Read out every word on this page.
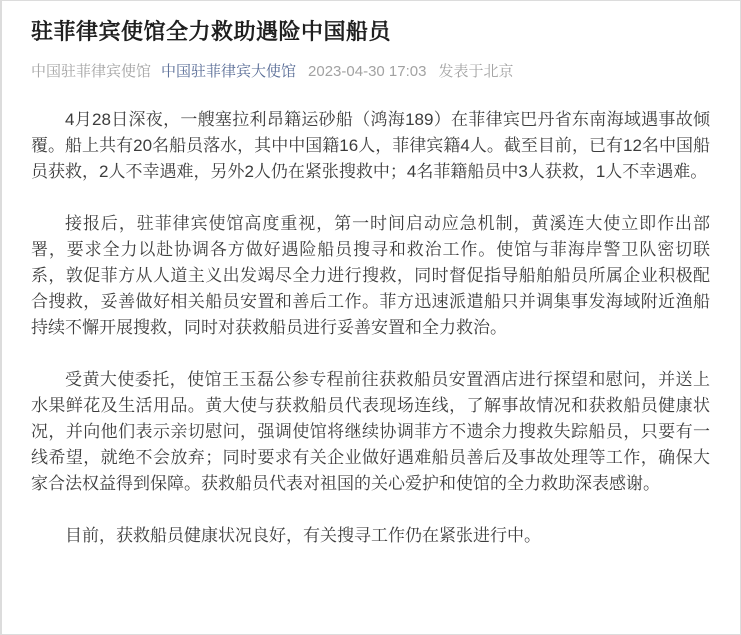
驻菲律宾使馆全力救助遇险中国船员
中国驻菲律宾使馆 中国驻菲律宾大使馆 2023-04-30 17:03 发表于北京

4月28日深夜，一艘塞拉利昂籍运砂船（鸿海189）在菲律宾巴丹省东南海域遇事故倾覆。船上共有20名船员落水，其中中国籍16人，菲律宾籍4人。截至目前，已有12名中国船员获救，2人不幸遇难，另外2人仍在紧张搜救中；4名菲籍船员中3人获救，1人不幸遇难。

接报后，驻菲律宾使馆高度重视，第一时间启动应急机制，黄溪连大使立即作出部署，要求全力以赴协调各方做好遇险船员搜寻和救治工作。使馆与菲海岸警卫队密切联系，敦促菲方从人道主义出发竭尽全力进行搜救，同时督促指导船舶船员所属企业积极配合搜救，妥善做好相关船员安置和善后工作。菲方迅速派遣船只并调集事发海域附近渔船持续不懈开展搜救，同时对获救船员进行妥善安置和全力救治。

受黄大使委托，使馆王玉磊公参专程前往获救船员安置酒店进行探望和慰问，并送上水果鲜花及生活用品。黄大使与获救船员代表现场连线，了解事故情况和获救船员健康状况，并向他们表示亲切慰问，强调使馆将继续协调菲方不遗余力搜救失踪船员，只要有一线希望，就绝不会放弃；同时要求有关企业做好遇难船员善后及事故处理等工作，确保大家合法权益得到保障。获救船员代表对祖国的关心爱护和使馆的全力救助深表感谢。

目前，获救船员健康状况良好，有关搜寻工作仍在紧张进行中。
